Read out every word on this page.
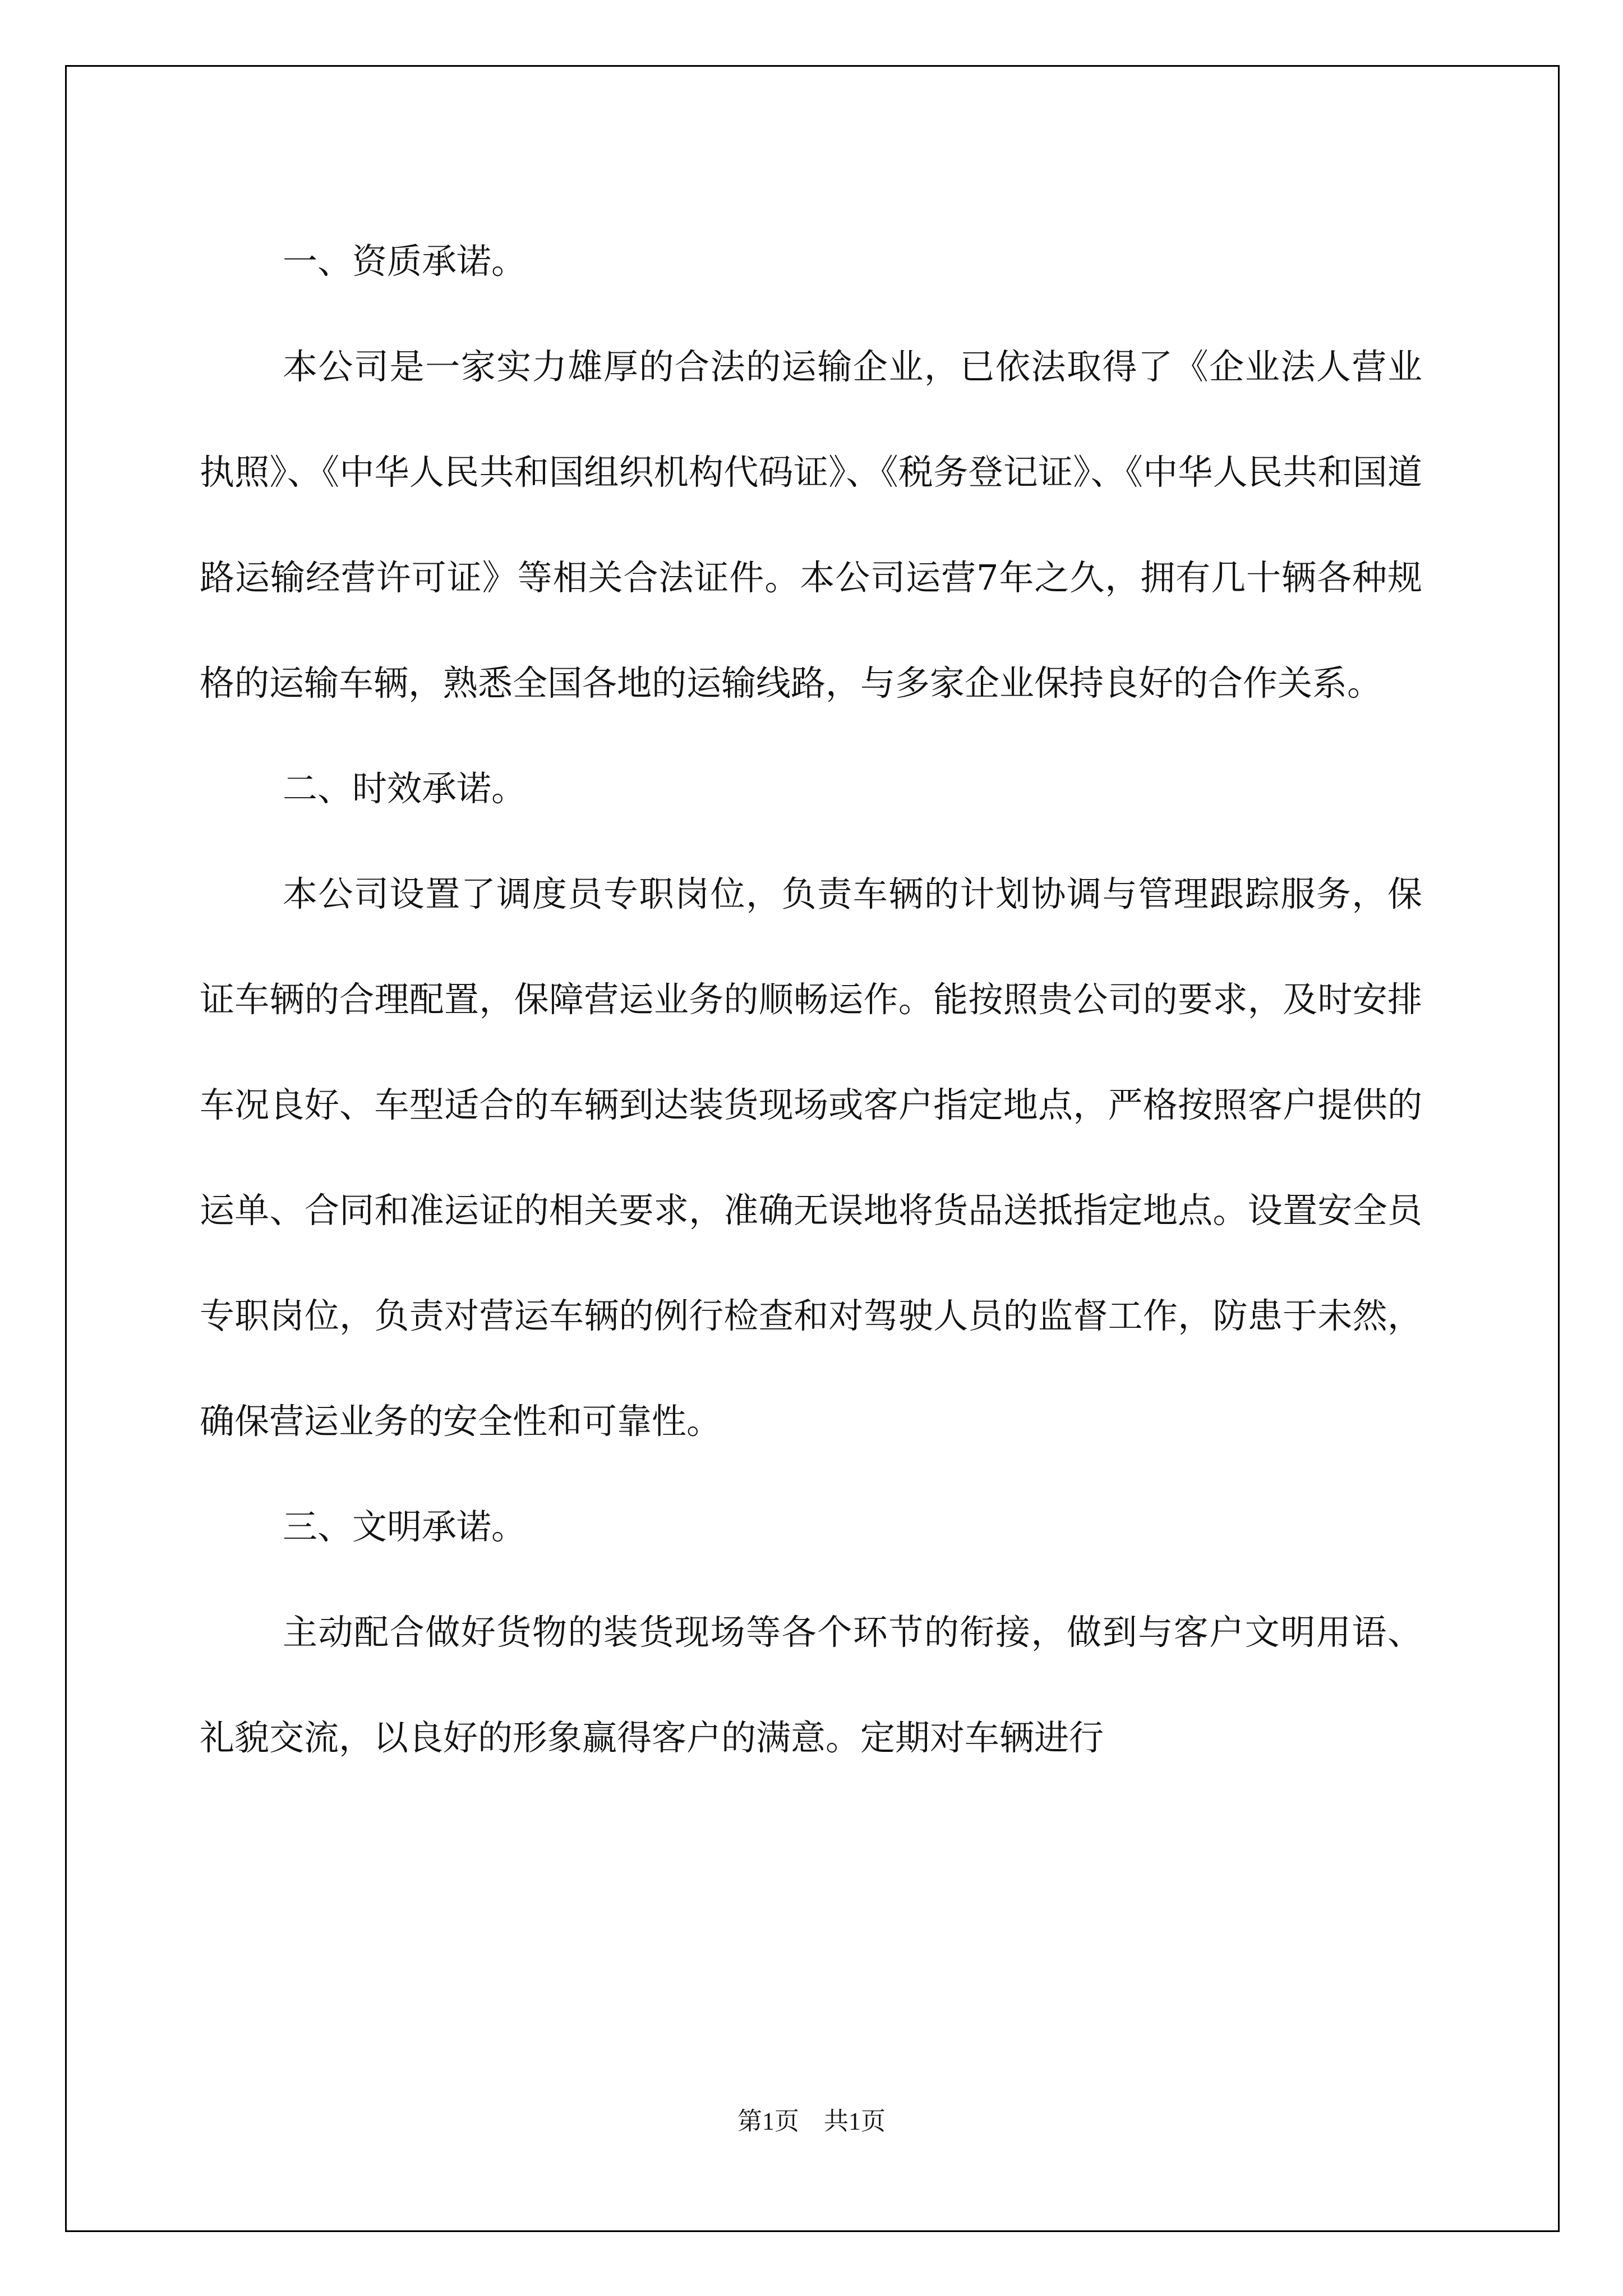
一、资质承诺。

本公司是一家实力雄厚的合法的运输企业，已依法取得了《企业法人营业执照》、《中华人民共和国组织机构代码证》、《税务登记证》、《中华人民共和国道路运输经营许可证》等相关合法证件。本公司运营7年之久，拥有几十辆各种规格的运输车辆，熟悉全国各地的运输线路，与多家企业保持良好的合作关系。

二、时效承诺。

本公司设置了调度员专职岗位，负责车辆的计划协调与管理跟踪服务，保证车辆的合理配置，保障营运业务的顺畅运作。能按照贵公司的要求，及时安排车况良好、车型适合的车辆到达装货现场或客户指定地点，严格按照客户提供的运单、合同和准运证的相关要求，准确无误地将货品送抵指定地点。设置安全员专职岗位，负责对营运车辆的例行检查和对驾驶人员的监督工作，防患于未然，确保营运业务的安全性和可靠性。

三、文明承诺。

主动配合做好货物的装货现场等各个环节的衔接，做到与客户文明用语、礼貌交流，以良好的形象赢得客户的满意。定期对车辆进行

第1页　共1页
